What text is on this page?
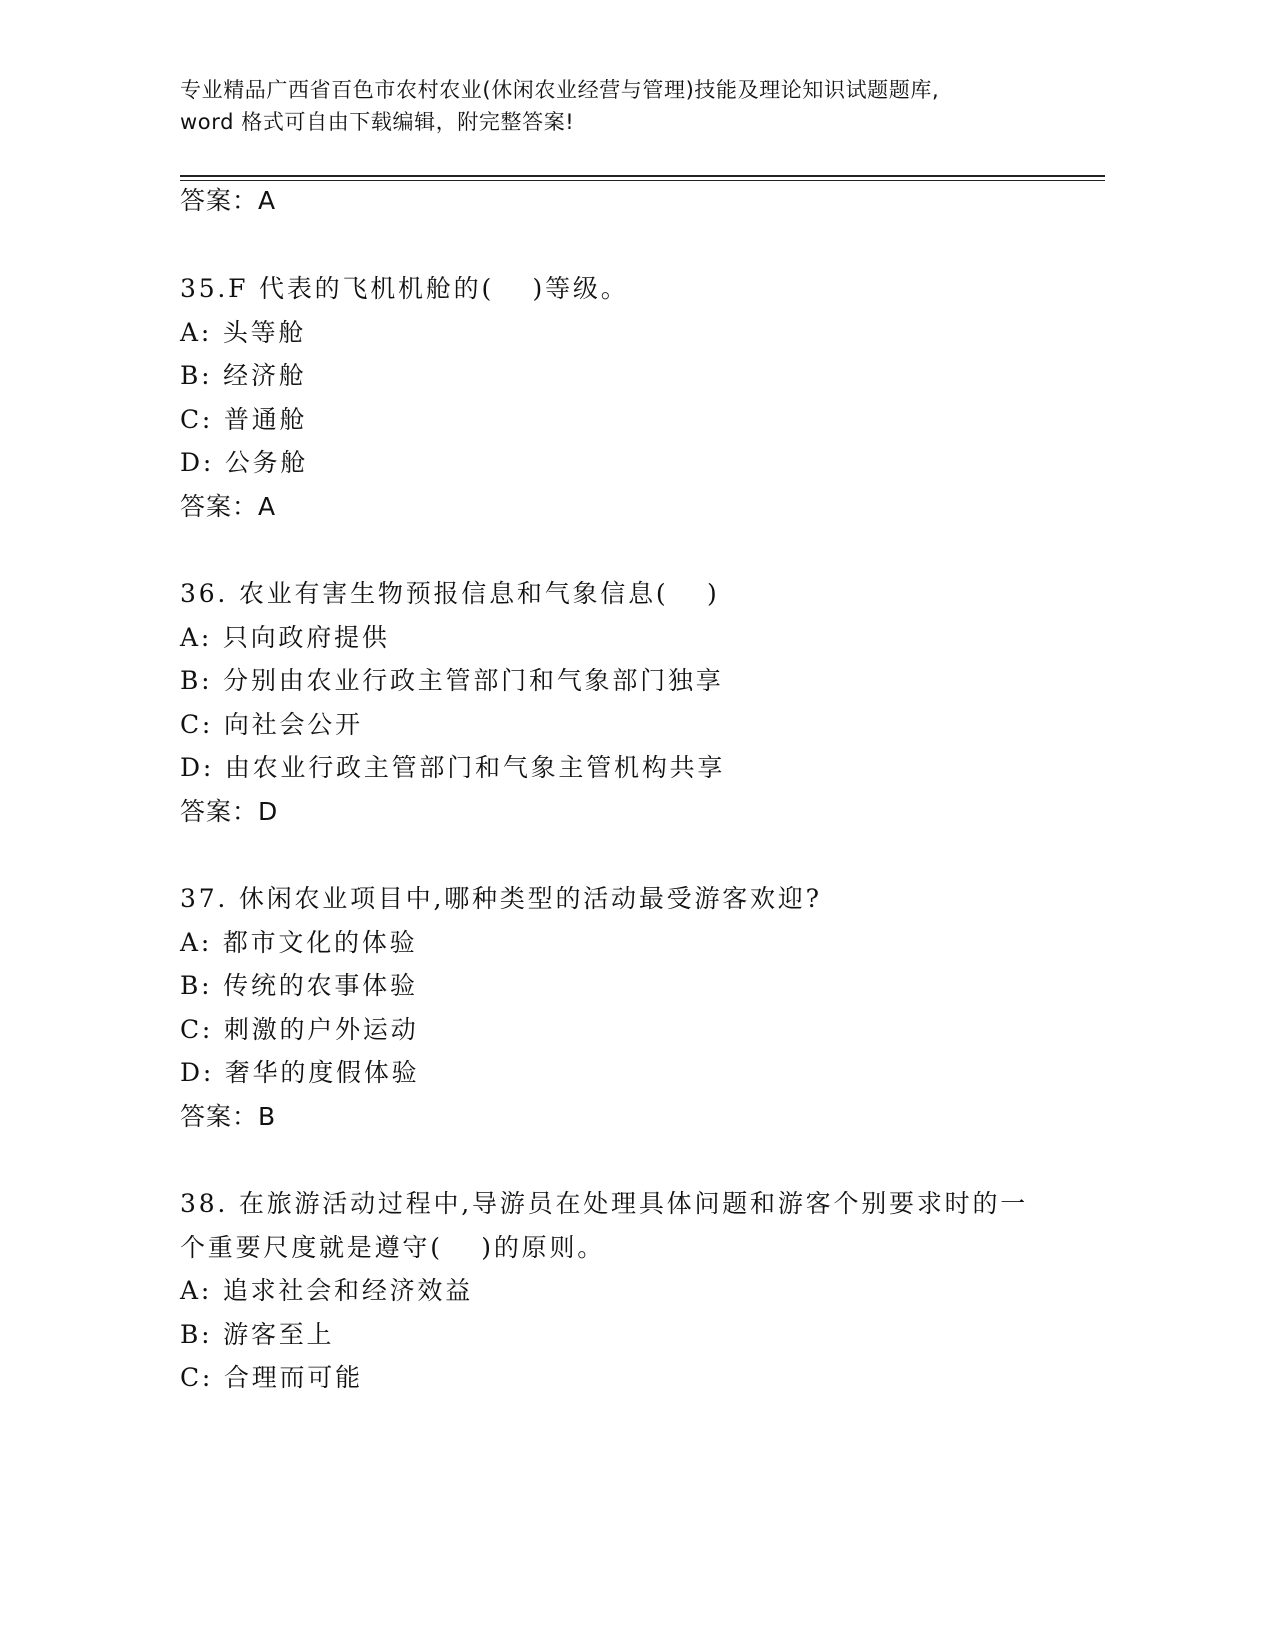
专业精品广西省百色市农村农业(休闲农业经营与管理)技能及理论知识试题题库,
word 格式可自由下载编辑，附完整答案!
答案：A
35.F 代表的飞机机舱的(　 )等级。
A: 头等舱
B: 经济舱
C: 普通舱
D: 公务舱
答案：A
36. 农业有害生物预报信息和气象信息(　 )
A: 只向政府提供
B: 分别由农业行政主管部门和气象部门独享
C: 向社会公开
D: 由农业行政主管部门和气象主管机构共享
答案：D
37. 休闲农业项目中,哪种类型的活动最受游客欢迎?
A: 都市文化的体验
B: 传统的农事体验
C: 刺激的户外运动
D: 奢华的度假体验
答案：B
38. 在旅游活动过程中,导游员在处理具体问题和游客个别要求时的一
个重要尺度就是遵守(　 )的原则。
A: 追求社会和经济效益
B: 游客至上
C: 合理而可能
